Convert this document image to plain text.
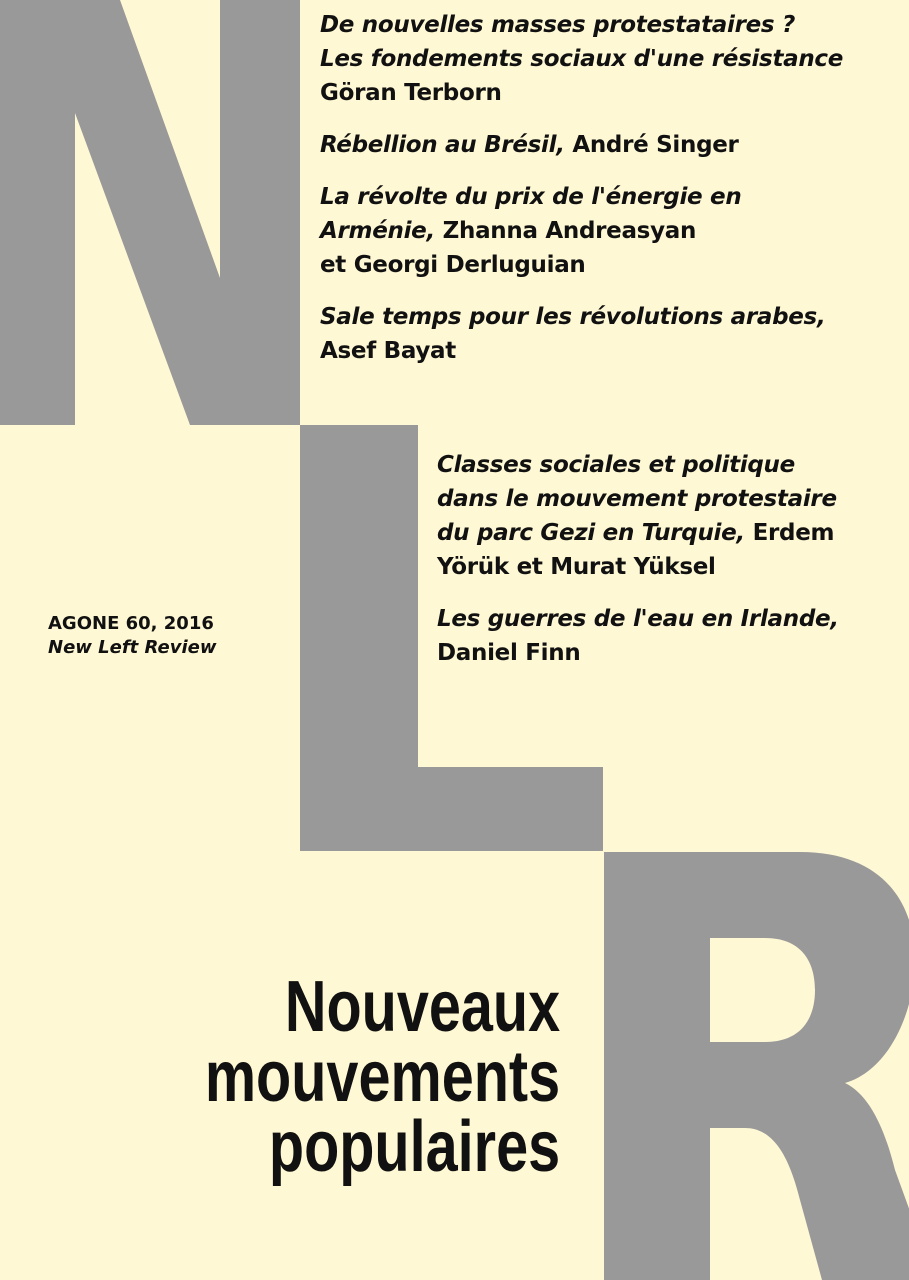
De nouvelles masses protestataires ?
Les fondements sociaux d'une résistance
Göran Terborn

Rébellion au Brésil, André Singer

La révolte du prix de l'énergie en
Arménie, Zhanna Andreasyan
et Georgi Derluguian

Sale temps pour les révolutions arabes,
Asef Bayat

Classes sociales et politique
dans le mouvement protestaire
du parc Gezi en Turquie, Erdem
Yörük et Murat Yüksel

Les guerres de l'eau en Irlande,
Daniel Finn

AGONE 60, 2016
New Left Review
Nouveaux
mouvements
populaires
